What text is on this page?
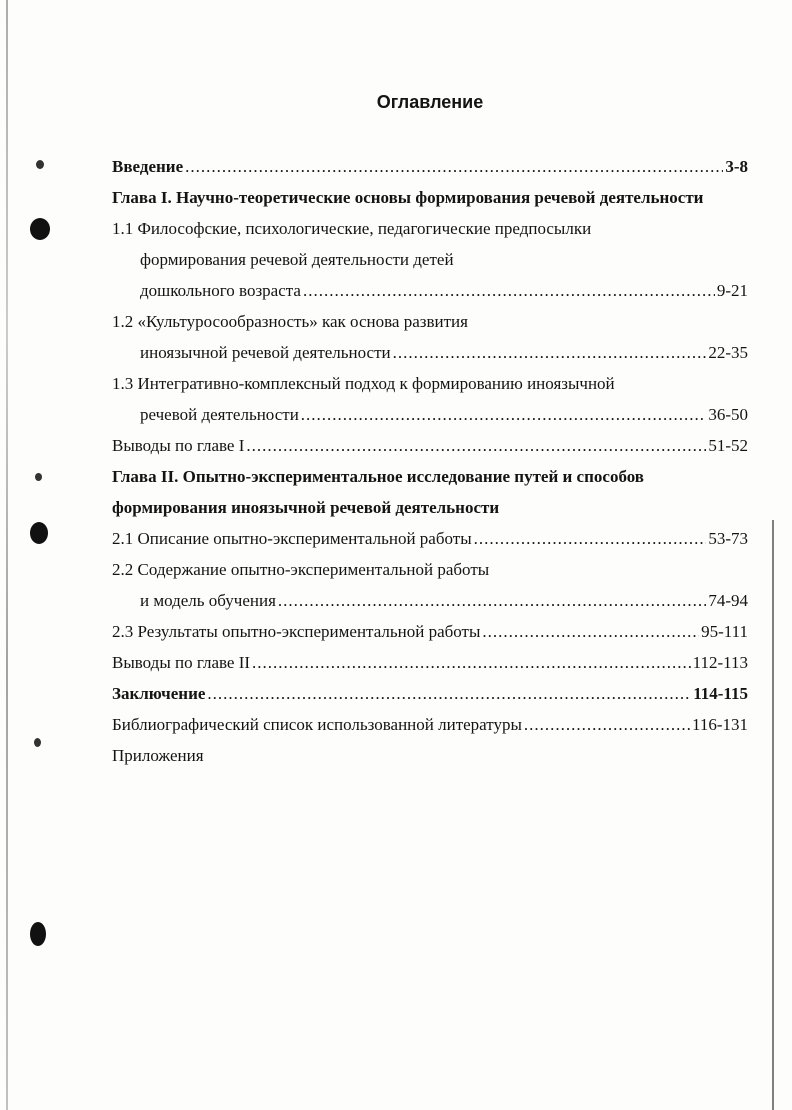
Оглавление
Введение .....	3-8
Глава I. Научно-теоретические основы формирования речевой деятельности
1.1 Философские, психологические, педагогические предпосылки
формирования речевой деятельности детей
дошкольного возраста .....	9-21
1.2 «Культуросообразность» как основа развития
иноязычной речевой деятельности .....	22-35
1.3 Интегративно-комплексный подход к формированию иноязычной
речевой деятельности .....	36-50
Выводы по главе I .....	51-52
Глава II. Опытно-экспериментальное исследование путей и способов
формирования иноязычной речевой деятельности
2.1 Описание опытно-экспериментальной работы .....	53-73
2.2 Содержание опытно-экспериментальной работы
и модель обучения .....	74-94
2.3 Результаты опытно-экспериментальной работы .....	95-111
Выводы по главе II .....	112-113
Заключение .....	114-115
Библиографический список использованной литературы .....	116-131
Приложения
